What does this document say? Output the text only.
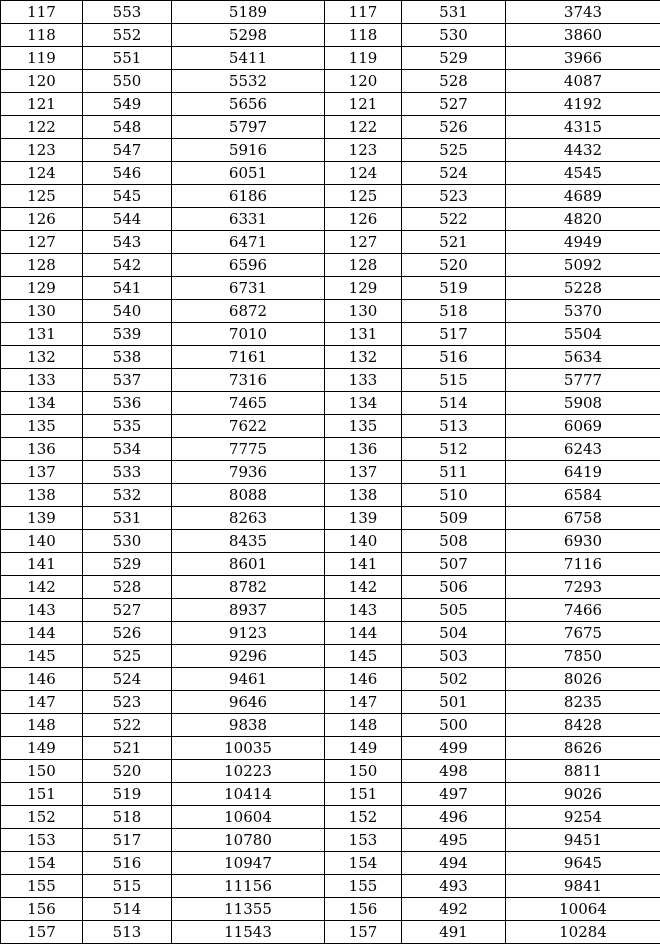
117	553	5189	117	531	3743
118	552	5298	118	530	3860
119	551	5411	119	529	3966
120	550	5532	120	528	4087
121	549	5656	121	527	4192
122	548	5797	122	526	4315
123	547	5916	123	525	4432
124	546	6051	124	524	4545
125	545	6186	125	523	4689
126	544	6331	126	522	4820
127	543	6471	127	521	4949
128	542	6596	128	520	5092
129	541	6731	129	519	5228
130	540	6872	130	518	5370
131	539	7010	131	517	5504
132	538	7161	132	516	5634
133	537	7316	133	515	5777
134	536	7465	134	514	5908
135	535	7622	135	513	6069
136	534	7775	136	512	6243
137	533	7936	137	511	6419
138	532	8088	138	510	6584
139	531	8263	139	509	6758
140	530	8435	140	508	6930
141	529	8601	141	507	7116
142	528	8782	142	506	7293
143	527	8937	143	505	7466
144	526	9123	144	504	7675
145	525	9296	145	503	7850
146	524	9461	146	502	8026
147	523	9646	147	501	8235
148	522	9838	148	500	8428
149	521	10035	149	499	8626
150	520	10223	150	498	8811
151	519	10414	151	497	9026
152	518	10604	152	496	9254
153	517	10780	153	495	9451
154	516	10947	154	494	9645
155	515	11156	155	493	9841
156	514	11355	156	492	10064
157	513	11543	157	491	10284
